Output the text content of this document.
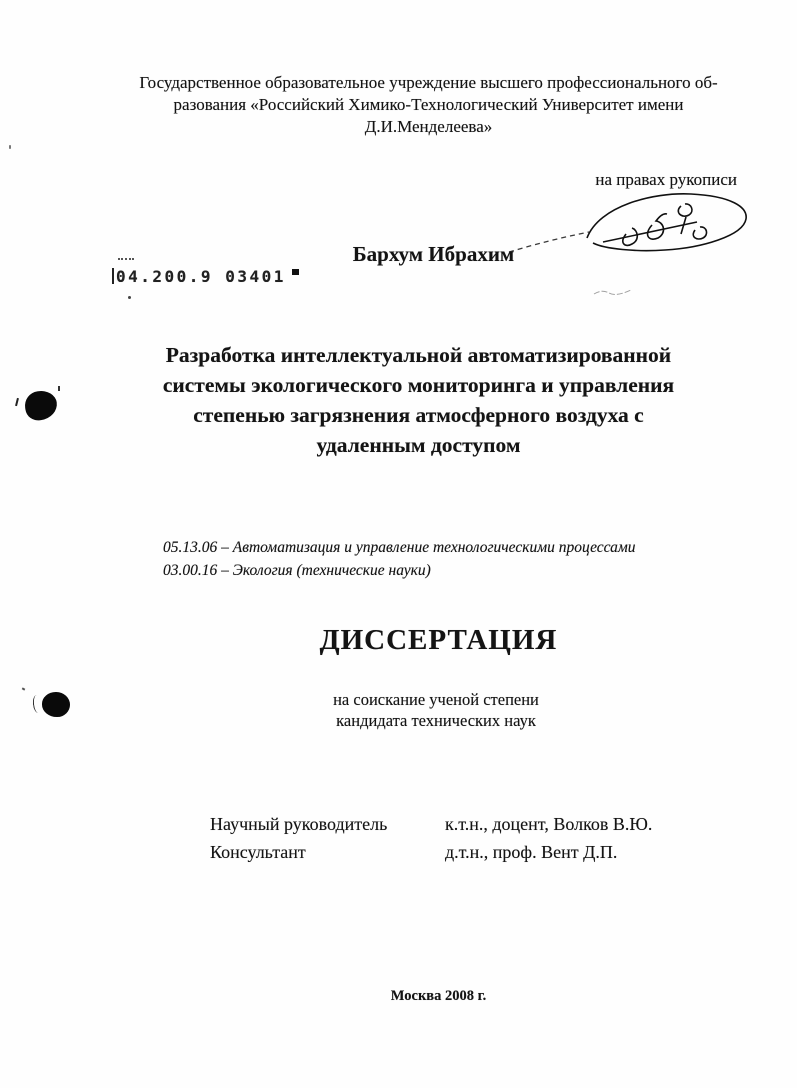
Государственное образовательное учреждение высшего профессионального об-
разования «Российский Химико-Технологический Университет имени
Д.И.Менделеева»
на правах рукописи
Бархум Ибрахим
04.200.9 03401
Разработка интеллектуальной автоматизированной
системы экологического мониторинга и управления
степенью загрязнения атмосферного воздуха с
удаленным доступом
05.13.06 – Автоматизация и управление технологическими процессами
03.00.16 – Экология (технические науки)
ДИССЕРТАЦИЯ
на соискание ученой степени
кандидата технических наук
Научный руководитель	к.т.н., доцент, Волков В.Ю.
Консультант	д.т.н., проф. Вент Д.П.
Москва 2008 г.
